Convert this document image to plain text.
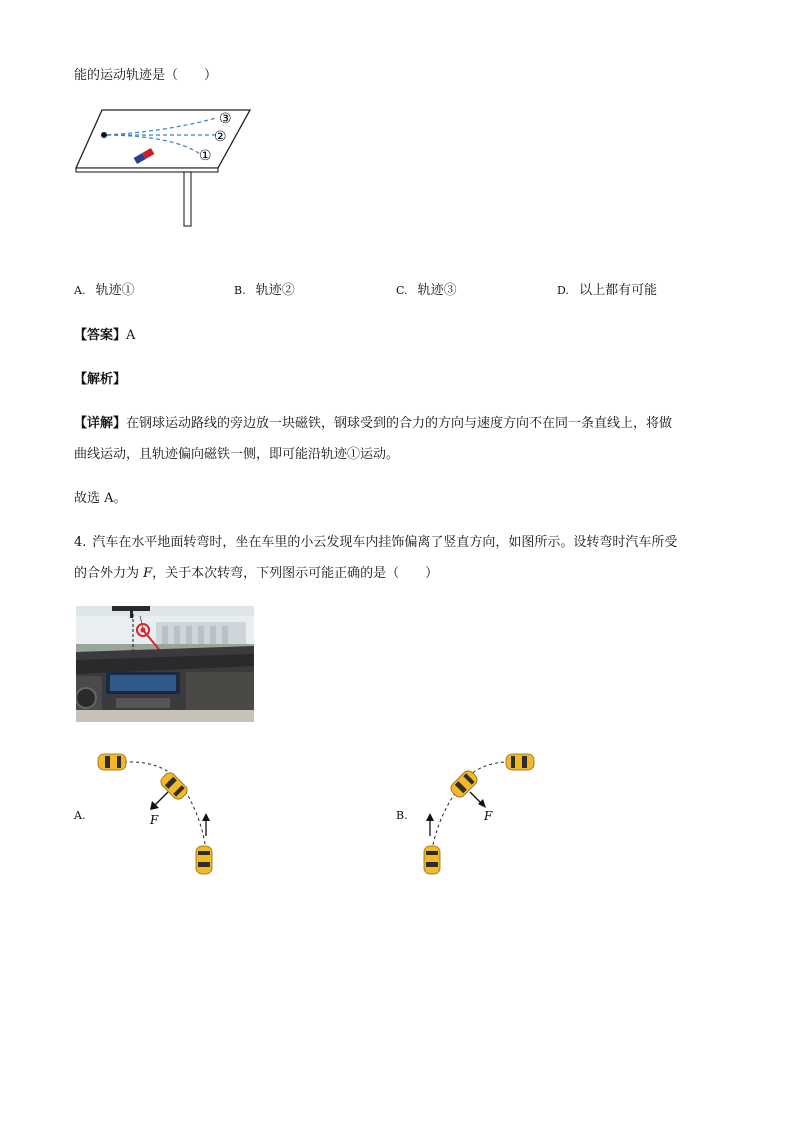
能的运动轨迹是（　　）
③
②
①
A. 轨迹①	B. 轨迹②	C. 轨迹③	D. 以上都有可能
【答案】A
【解析】
【详解】在钢球运动路线的旁边放一块磁铁，钢球受到的合力的方向与速度方向不在同一条直线上，将做
曲线运动，且轨迹偏向磁铁一侧，即可能沿轨迹①运动。
故选 A。
4. 汽车在水平地面转弯时，坐在车里的小云发现车内挂饰偏离了竖直方向，如图所示。设转弯时汽车所受
的合外力为 F，关于本次转弯，下列图示可能正确的是（　　）
A.	F	B.	F
